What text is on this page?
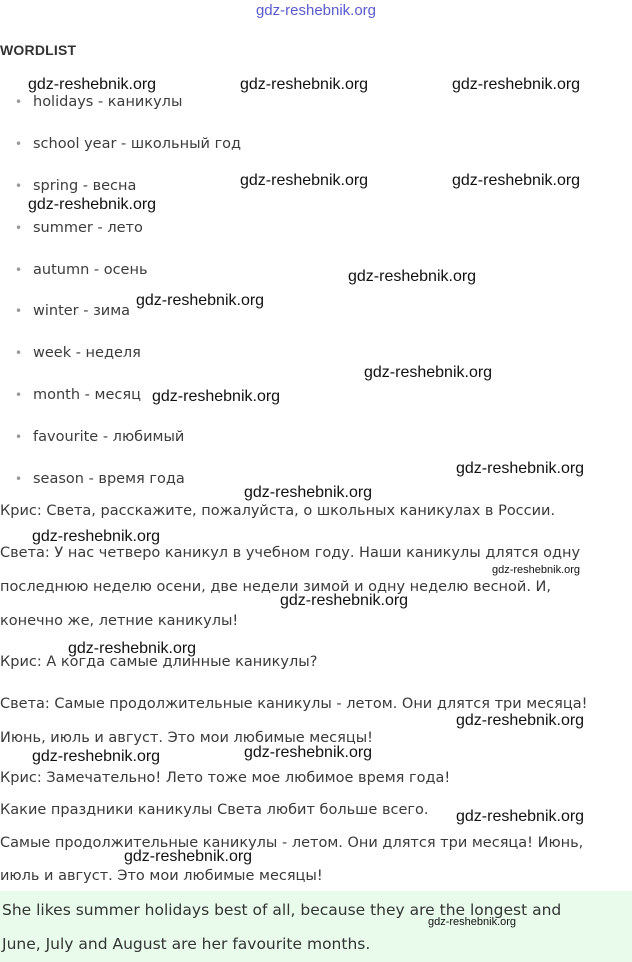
gdz-reshebnik.org
WORDLIST
• holidays - каникулы
• school year - школьный год
• spring - весна
• summer - лето
• autumn - осень
• winter - зима
• week - неделя
• month - месяц
• favourite - любимый
• season - время года
Крис: Света, расскажите, пожалуйста, о школьных каникулах в России.
Света: У нас четверо каникул в учебном году. Наши каникулы длятся одну
последнюю неделю осени, две недели зимой и одну неделю весной. И,
конечно же, летние каникулы!
Крис: А когда самые длинные каникулы?
Света: Самые продолжительные каникулы - летом. Они длятся три месяца!
Июнь, июль и август. Это мои любимые месяцы!
Крис: Замечательно! Лето тоже мое любимое время года!
Какие праздники каникулы Света любит больше всего.
Самые продолжительные каникулы - летом. Они длятся три месяца! Июнь,
июль и август. Это мои любимые месяцы!
She likes summer holidays best of all, because they are the longest and
June, July and August are her favourite months.
gdz-reshebnik.org	gdz-reshebnik.org	gdz-reshebnik.org
gdz-reshebnik.org	gdz-reshebnik.org
gdz-reshebnik.org
gdz-reshebnik.org
gdz-reshebnik.org
gdz-reshebnik.org
gdz-reshebnik.org
gdz-reshebnik.org
gdz-reshebnik.org
gdz-reshebnik.org
gdz-reshebnik.org
gdz-reshebnik.org
gdz-reshebnik.org
gdz-reshebnik.org
gdz-reshebnik.org
gdz-reshebnik.org
gdz-reshebnik.org
gdz-reshebnik.org
gdz-reshebnik.org
